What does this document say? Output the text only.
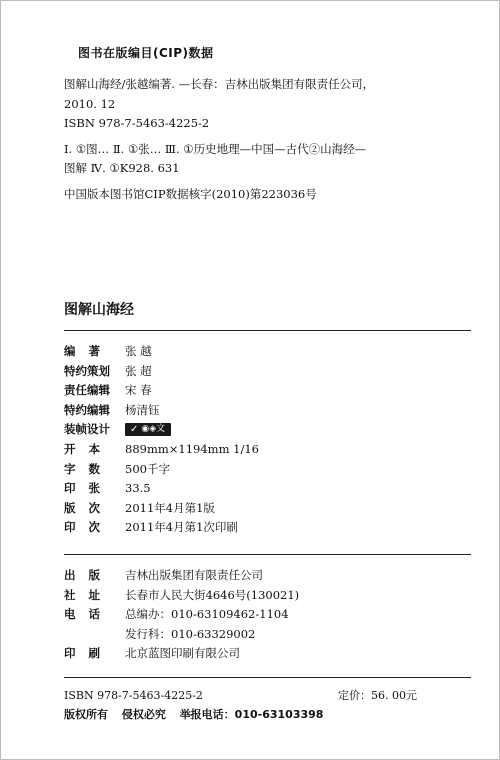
图书在版编目(CIP)数据
图解山海经/张越编著. —长春：吉林出版集团有限责任公司，
2010. 12
ISBN 978-7-5463-4225-2
Ⅰ. ①图… Ⅱ. ①张… Ⅲ. ①历史地理—中国—古代②山海经—
图解 Ⅳ. ①K928. 631
中国版本图书馆CIP数据核字(2010)第223036号
图解山海经
编著	张 越
特约策划	张 超
责任编辑	宋 春
特约编辑	杨清钰
装帧设计	✓ ◉◈文
开本	889mm×1194mm 1/16
字数	500千字
印张	33.5
版次	2011年4月第1版
印次	2011年4月第1次印刷
出版	吉林出版集团有限责任公司
社址	长春市人民大街4646号(130021)
电话	总编办：010-63109462-1104
发行科：010-63329002
印刷	北京蓝图印刷有限公司
ISBN 978-7-5463-4225-2	定价：56. 00元
版权所有 侵权必究 举报电话：010-63103398
